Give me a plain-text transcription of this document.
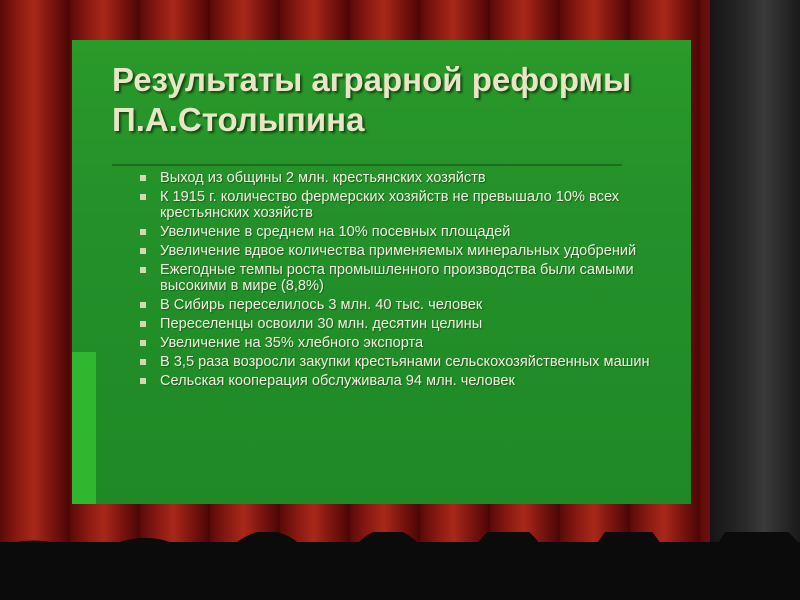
Результаты аграрной реформы П.А.Столыпина
Выход из общины 2 млн. крестьянских хозяйств
К 1915 г. количество фермерских хозяйств не превышало 10% всех крестьянских хозяйств
Увеличение в среднем на 10% посевных площадей
Увеличение вдвое количества применяемых минеральных удобрений
Ежегодные темпы роста промышленного производства были самыми высокими в мире (8,8%)
В Сибирь переселилось 3 млн. 40 тыс. человек
Переселенцы освоили 30 млн. десятин целины
Увеличение на 35% хлебного экспорта
В 3,5 раза возросли закупки крестьянами сельскохозяйственных машин
Сельская кооперация обслуживала 94 млн. человек
